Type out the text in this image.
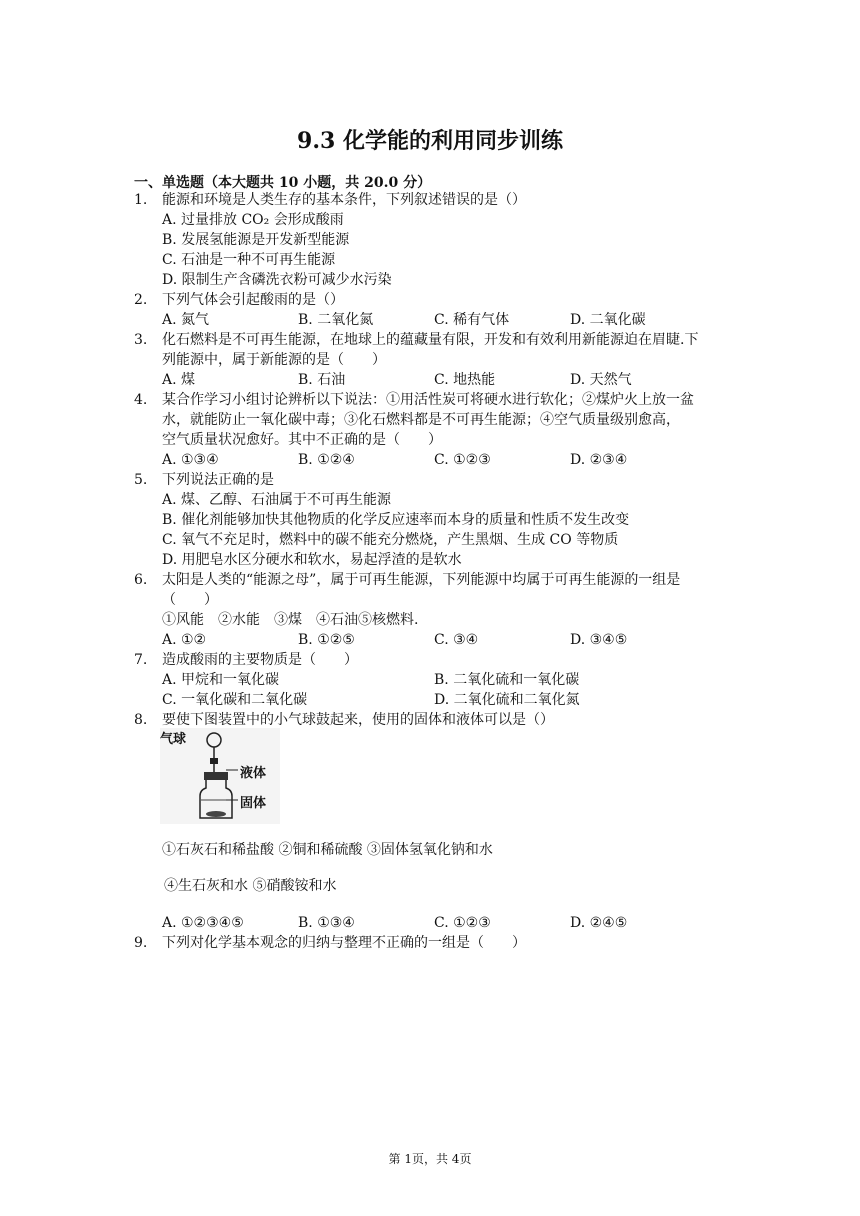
9.3 化学能的利用同步训练
一、单选题（本大题共 10 小题，共 20.0 分）
1. 能源和环境是人类生存的基本条件，下列叙述错误的是（）
A. 过量排放 CO₂ 会形成酸雨
B. 发展氢能源是开发新型能源
C. 石油是一种不可再生能源
D. 限制生产含磷洗衣粉可减少水污染
2. 下列气体会引起酸雨的是（）
A. 氮气	B. 二氧化氮	C. 稀有气体	D. 二氧化碳
3. 化石燃料是不可再生能源，在地球上的蕴藏量有限，开发和有效利用新能源迫在眉睫.下
列能源中，属于新能源的是（　　）
A. 煤	B. 石油	C. 地热能	D. 天然气
4. 某合作学习小组讨论辨析以下说法：①用活性炭可将硬水进行软化；②煤炉火上放一盆
水，就能防止一氧化碳中毒；③化石燃料都是不可再生能源；④空气质量级别愈高，
空气质量状况愈好。其中不正确的是（　　）
A. ①③④	B. ①②④	C. ①②③	D. ②③④
5. 下列说法正确的是
A. 煤、乙醇、石油属于不可再生能源
B. 催化剂能够加快其他物质的化学反应速率而本身的质量和性质不发生改变
C. 氧气不充足时，燃料中的碳不能充分燃烧，产生黑烟、生成 CO 等物质
D. 用肥皂水区分硬水和软水，易起浮渣的是软水
6. 太阳是人类的“能源之母”，属于可再生能源，下列能源中均属于可再生能源的一组是
（　　）
①风能　②水能　③煤　④石油⑤核燃料.
A. ①②	B. ①②⑤	C. ③④	D. ③④⑤
7. 造成酸雨的主要物质是（　　）
A. 甲烷和一氧化碳	B. 二氧化硫和一氧化碳
C. 一氧化碳和二氧化碳	D. 二氧化硫和二氧化氮
8. 要使下图装置中的小气球鼓起来，使用的固体和液体可以是（）
气球
液体
固体
①石灰石和稀盐酸 ②铜和稀硫酸 ③固体氢氧化钠和水
④生石灰和水 ⑤硝酸铵和水
A. ①②③④⑤	B. ①③④	C. ①②③	D. ②④⑤
9. 下列对化学基本观念的归纳与整理不正确的一组是（　　）
第 1页，共 4页
